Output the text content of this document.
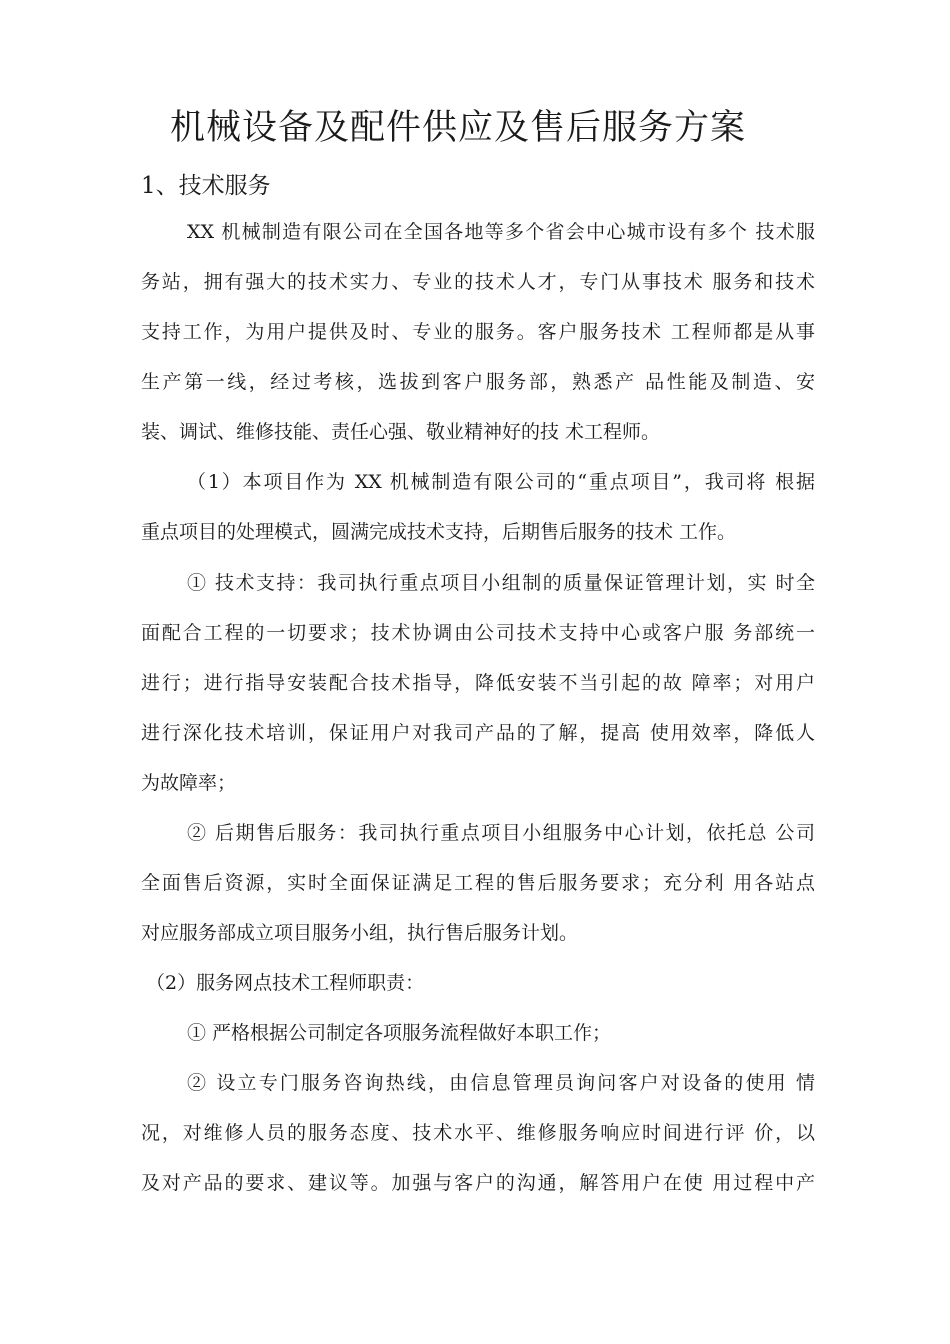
机械设备及配件供应及售后服务方案
1、技术服务
XX 机械制造有限公司在全国各地等多个省会中心城市设有多个 技术服
务站，拥有强大的技术实力、专业的技术人才，专门从事技术 服务和技术
支持工作，为用户提供及时、专业的服务。客户服务技术 工程师都是从事
生产第一线，经过考核，选拔到客户服务部，熟悉产 品性能及制造、安
装、调试、维修技能、责任心强、敬业精神好的技 术工程师。
（1）本项目作为 XX 机械制造有限公司的“重点项目”，我司将 根据
重点项目的处理模式，圆满完成技术支持，后期售后服务的技术 工作。
① 技术支持：我司执行重点项目小组制的质量保证管理计划，实 时全
面配合工程的一切要求；技术协调由公司技术支持中心或客户服 务部统一
进行；进行指导安装配合技术指导，降低安装不当引起的故 障率；对用户
进行深化技术培训，保证用户对我司产品的了解，提高 使用效率，降低人
为故障率；
② 后期售后服务：我司执行重点项目小组服务中心计划，依托总 公司
全面售后资源，实时全面保证满足工程的售后服务要求；充分利 用各站点
对应服务部成立项目服务小组，执行售后服务计划。
（2）服务网点技术工程师职责：
① 严格根据公司制定各项服务流程做好本职工作；
② 设立专门服务咨询热线，由信息管理员询问客户对设备的使用 情
况，对维修人员的服务态度、技术水平、维修服务响应时间进行评 价，以
及对产品的要求、建议等。加强与客户的沟通，解答用户在使 用过程中产
